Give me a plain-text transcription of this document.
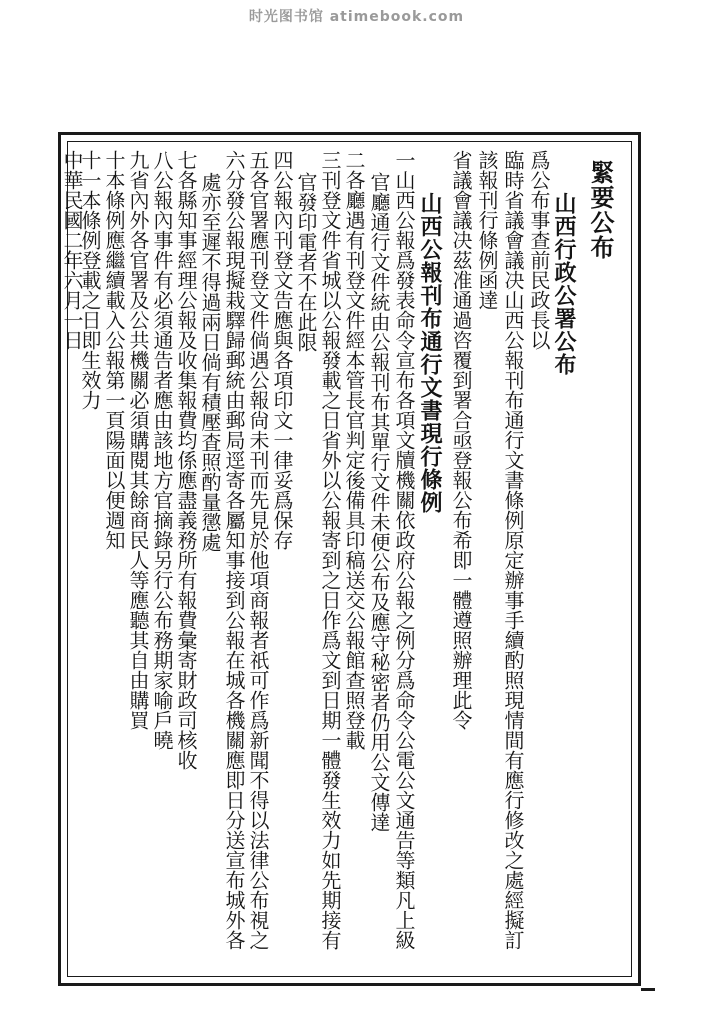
时光图书馆 atimebook.com
緊要公布
山西行政公署公布
爲公布事查前民政長以
臨時省議會議决山西公報刊布通行文書條例原定辦事手續酌照現情間有應行修改之處經擬訂
該報刊行條例函達
省議會議决茲准通過咨覆到署合亟登報公布希即一體遵照辦理此令
山西公報刊布通行文書現行條例
一山西公報爲發表命令宣布各項文牘機關依政府公報之例分爲命令公電公文通告等類凡上級
官廳通行文件統由公報刊布其單行文件未便公布及應守秘密者仍用公文傳達
二各廳遇有刊登文件經本管長官判定後備具印稿送交公報館查照登載
三刊登文件省城以公報發載之日省外以公報寄到之日作爲文到日期一體發生效力如先期接有
官發印電者不在此限
四公報內刊登文告應與各項印文一律妥爲保存
五各官署應刊登文件倘遇公報尙未刊而先見於他項商報者祇可作爲新聞不得以法律公布視之
六分發公報現擬栽驛歸郵統由郵局逕寄各屬知事接到公報在城各機關應即日分送宣布城外各
處亦至遲不得過兩日倘有積壓査照酌量懲處
七各縣知事經理公報及收集報費均係應盡義務所有報費彙寄財政司核收
八公報內事件有必須通告者應由該地方官摘錄另行公布務期家喻戶曉
九省內外各官署及公共機關必須購閱其餘商民人等應聽其自由購買
十本條例應繼續載入公報第一頁陽面以便週知
十一本條例登載之日即生效力
中華民國二年六月一日
